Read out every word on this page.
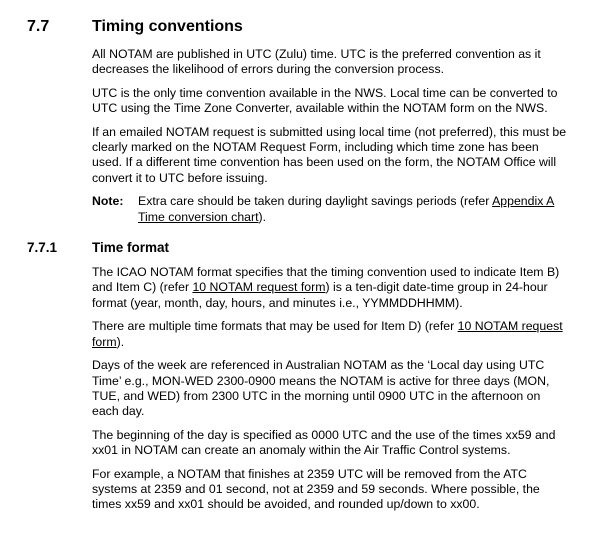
7.7	Timing conventions
All NOTAM are published in UTC (Zulu) time. UTC is the preferred convention as it
decreases the likelihood of errors during the conversion process.
UTC is the only time convention available in the NWS. Local time can be converted to
UTC using the Time Zone Converter, available within the NOTAM form on the NWS.
If an emailed NOTAM request is submitted using local time (not preferred), this must be
clearly marked on the NOTAM Request Form, including which time zone has been
used. If a different time convention has been used on the form, the NOTAM Office will
convert it to UTC before issuing.
Note:	Extra care should be taken during daylight savings periods (refer Appendix A
Time conversion chart).
7.7.1	Time format
The ICAO NOTAM format specifies that the timing convention used to indicate Item B)
and Item C) (refer 10 NOTAM request form) is a ten-digit date-time group in 24-hour
format (year, month, day, hours, and minutes i.e., YYMMDDHHMM).
There are multiple time formats that may be used for Item D) (refer 10 NOTAM request
form).
Days of the week are referenced in Australian NOTAM as the ‘Local day using UTC
Time’ e.g., MON-WED 2300-0900 means the NOTAM is active for three days (MON,
TUE, and WED) from 2300 UTC in the morning until 0900 UTC in the afternoon on
each day.
The beginning of the day is specified as 0000 UTC and the use of the times xx59 and
xx01 in NOTAM can create an anomaly within the Air Traffic Control systems.
For example, a NOTAM that finishes at 2359 UTC will be removed from the ATC
systems at 2359 and 01 second, not at 2359 and 59 seconds. Where possible, the
times xx59 and xx01 should be avoided, and rounded up/down to xx00.
